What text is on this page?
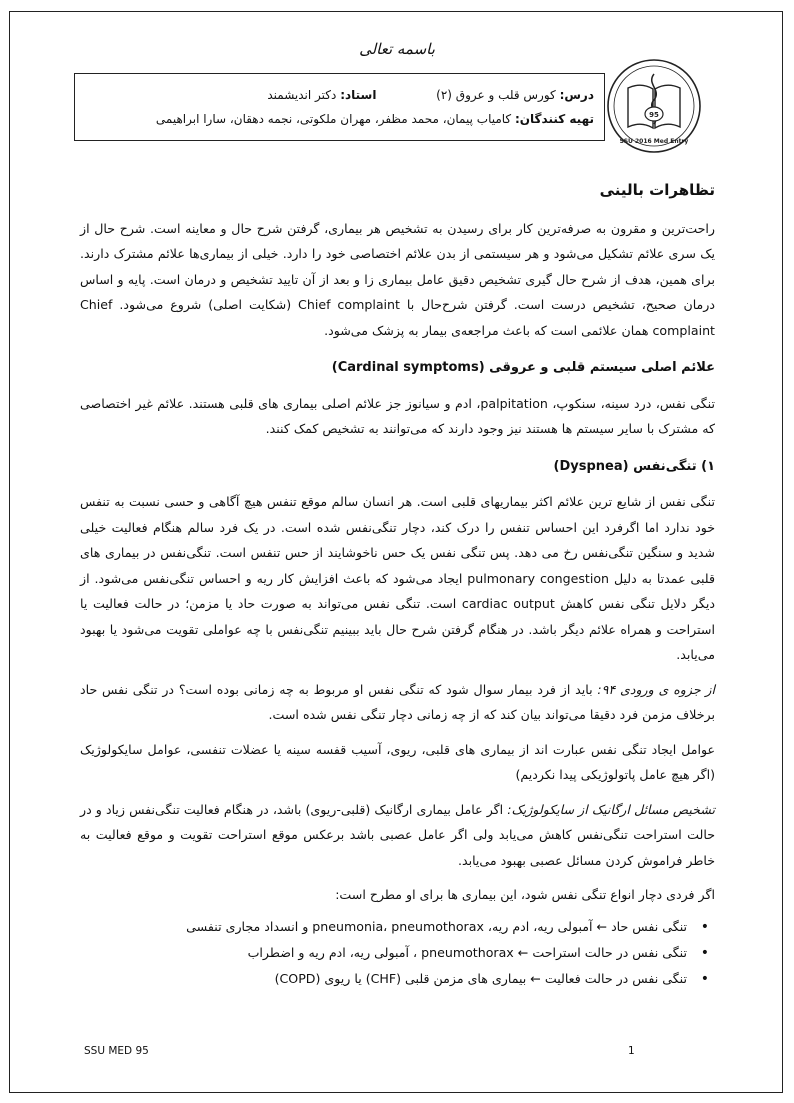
باسمه تعالی
95
SSU 2016 Med Entry
درس: کورس قلب و عروق (۲)  استاد: دکتر اندیشمند
تهیه کنندگان: کامیاب پیمان، محمد مظفر، مهران ملکوتی، نجمه دهقان، سارا ابراهیمی
تظاهرات بالینی

راحت‌ترین و مقرون به صرفه‌ترین کار برای رسیدن به تشخیص هر بیماری، گرفتن شرح حال و معاینه است. شرح حال از یک سری علائم تشکیل می‌شود و هر سیستمی از بدن علائم اختصاصی خود را دارد. خیلی از بیماری‌ها علائم مشترک دارند. برای همین، هدف از شرح حال گیری تشخیص دقیق عامل بیماری زا و بعد از آن تایید تشخیص و درمان است. پایه و اساس درمان صحیح، تشخیص درست است. گرفتن شرح‌حال با Chief complaint (شکایت اصلی) شروع می‌شود. Chief complaint همان علائمی است که باعث مراجعه‌ی بیمار به پزشک می‌شود.

علائم اصلی سیستم قلبی و عروقی (Cardinal symptoms)

تنگی نفس، درد سینه، سنکوپ، palpitation، ادم و سیانوز جز علائم اصلی بیماری های قلبی هستند. علائم غیر اختصاصی که مشترک با سایر سیستم ها هستند نیز وجود دارند که می‌توانند به تشخیص کمک کنند.

۱) تنگی‌نفس (Dyspnea)

تنگی نفس از شایع ترین علائم اکثر بیماریهای قلبی است. هر انسان سالم موقع تنفس هیچ آگاهی و حسی نسبت به تنفس خود ندارد اما اگرفرد این احساس تنفس را درک کند، دچار تنگی‌نفس شده است. در یک فرد سالم هنگام فعالیت خیلی شدید و سنگین تنگی‌نفس رخ می دهد. پس تنگی نفس یک حس ناخوشایند از حس تنفس است. تنگی‌نفس در بیماری های قلبی عمدتا به دلیل pulmonary congestion ایجاد می‌شود که باعث افزایش کار ریه و احساس تنگی‌نفس می‌شود. از دیگر دلایل تنگی نفس کاهش cardiac output است. تنگی نفس می‌تواند به صورت حاد یا مزمن؛ در حالت فعالیت یا استراحت و همراه علائم دیگر باشد. در هنگام گرفتن شرح حال باید ببینیم تنگی‌نفس با چه عواملی تقویت می‌شود یا بهبود می‌یابد.

از جزوه ی ورودی ۹۴: باید از فرد بیمار سوال شود که تنگی نفس او مربوط به چه زمانی بوده است؟ در تنگی نفس حاد برخلاف مزمن فرد دقیقا می‌تواند بیان کند که از چه زمانی دچار تنگی نفس شده است.

عوامل ایجاد تنگی نفس عبارت اند از بیماری های قلبی، ریوی، آسیب قفسه سینه یا عضلات تنفسی، عوامل سایکولوژیک (اگر هیچ عامل پاتولوژیکی پیدا نکردیم)

تشخیص مسائل ارگانیک از سایکولوژیک: اگر عامل بیماری ارگانیک (قلبی-ریوی) باشد، در هنگام فعالیت تنگی‌نفس زیاد و در حالت استراحت تنگی‌نفس کاهش می‌یابد ولی اگر عامل عصبی باشد برعکس موقع استراحت تقویت و موقع فعالیت به خاطر فراموش کردن مسائل عصبی بهبود می‌یابد.

اگر فردی دچار انواع تنگی نفس شود، این بیماری ها برای او مطرح است:

• تنگی نفس حاد ← آمبولی ریه، ادم ریه، pneumonia، pneumothorax و انسداد مجاری تنفسی
• تنگی نفس در حالت استراحت ← pneumothorax ، آمبولی ریه، ادم ریه و اضطراب
• تنگی نفس در حالت فعالیت ← بیماری های مزمن قلبی (CHF) یا ریوی (COPD)
SSU MED 95	1
